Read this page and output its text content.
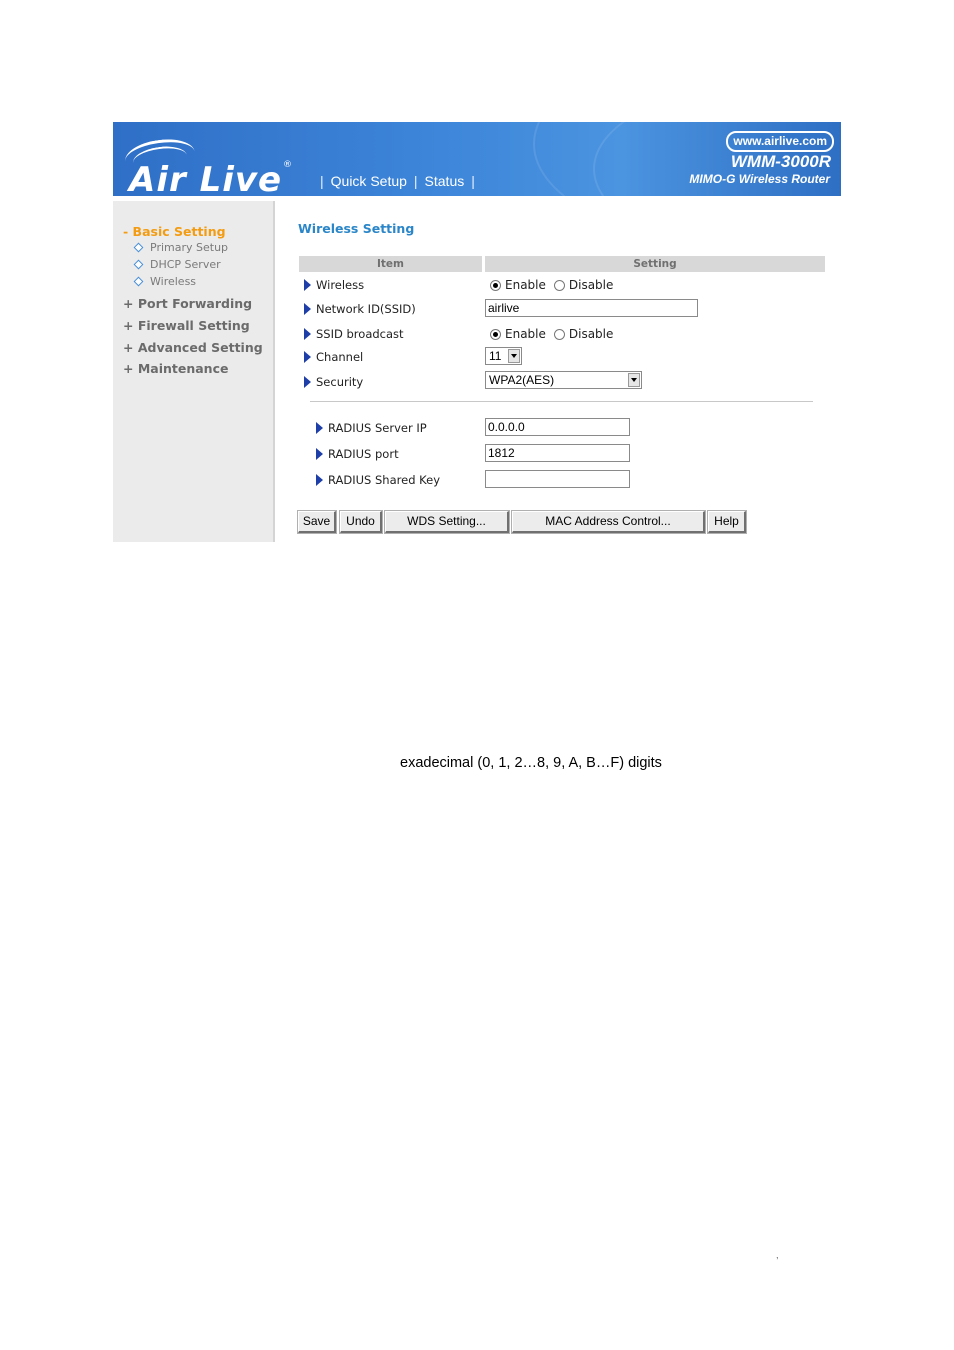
Air Live ®
| Quick Setup | Status |
www.airlive.com
WMM-3000R
MIMO-G Wireless Router
- Basic Setting
Primary Setup
DHCP Server
Wireless
+ Port Forwarding
+ Firewall Setting
+ Advanced Setting
+ Maintenance
Wireless Setting
Item	Setting
Wireless	Enable Disable
Network ID(SSID)	airlive
SSID broadcast	Enable Disable
Channel	11
Security	WPA2(AES)
RADIUS Server IP	0.0.0.0
RADIUS port	1812
RADIUS Shared Key
Save	Undo	WDS Setting...	MAC Address Control...	Help
exadecimal (0, 1, 2…8, 9, A, B…F) digits
,
